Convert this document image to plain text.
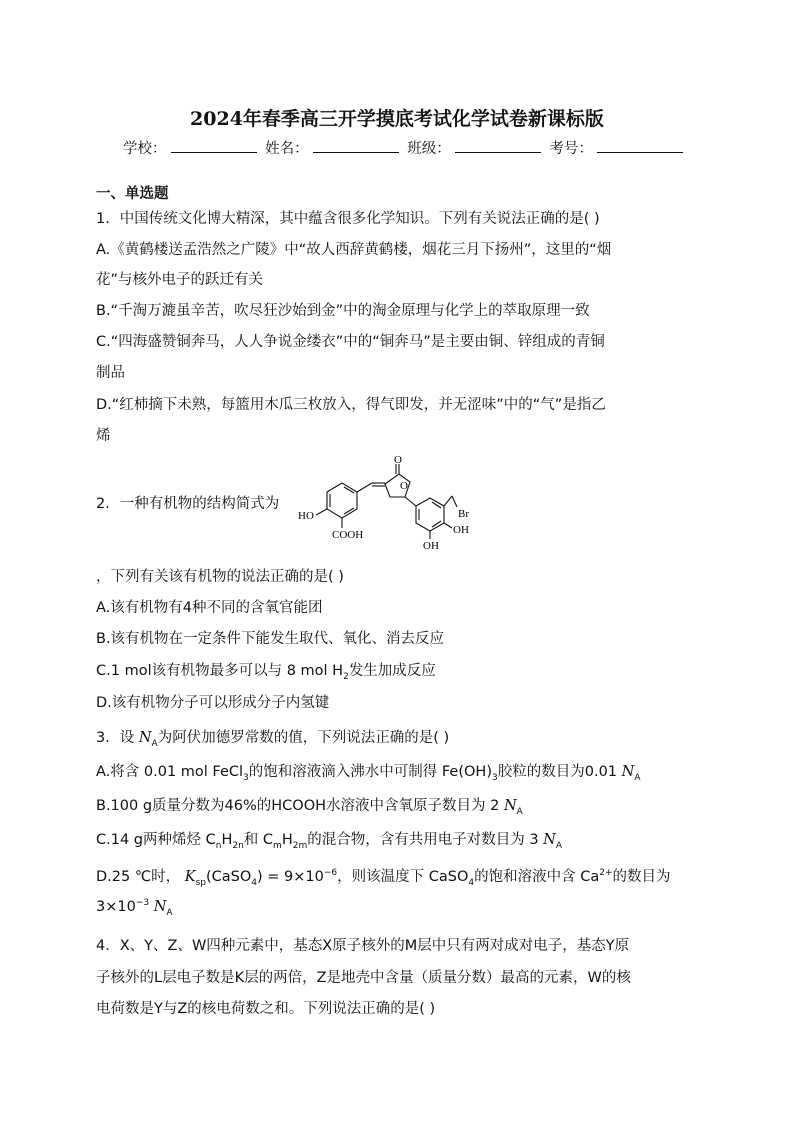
2024年春季高三开学摸底考试化学试卷新课标版
学校：	姓名：	班级：	考号：
一、单选题
1．中国传统文化博大精深，其中蕴含很多化学知识。下列有关说法正确的是( )
A.《黄鹤楼送孟浩然之广陵》中“故人西辞黄鹤楼，烟花三月下扬州”，这里的“烟
花”与核外电子的跃迁有关
B.“千淘万漉虽辛苦，吹尽狂沙始到金”中的淘金原理与化学上的萃取原理一致
C.“四海盛赞铜奔马，人人争说金缕衣”中的“铜奔马”是主要由铜、锌组成的青铜
制品
D.“红柿摘下未熟，每篮用木瓜三枚放入，得气即发，并无涩味”中的“气”是指乙
烯
2．一种有机物的结构简式为
O
O
HO
COOH
Br
OH
OH
，下列有关该有机物的说法正确的是( )
A.该有机物有4种不同的含氧官能团
B.该有机物在一定条件下能发生取代、氧化、消去反应
C.1 mol该有机物最多可以与 8 mol $H_2$发生加成反应
D.该有机物分子可以形成分子内氢键
3．设 $N_A$为阿伏加德罗常数的值，下列说法正确的是( )
A.将含 0.01 mol FeCl$_3$的饱和溶液滴入沸水中可制得 $Fe(OH)_3$胶粒的数目为0.01 $N_A$
B.100 g质量分数为46%的HCOOH水溶液中含氧原子数目为 2 $N_A$
C.14 g两种烯烃 $C_nH_{2n}$和 $C_mH_{2m}$的混合物，含有共用电子对数目为 3 $N_A$
D.25 ℃时， $K_{sp}(CaSO_4) = 9\times 10^{-6}$，则该温度下 CaSO$_4$的饱和溶液中含 $Ca^{2+}$的数目为
$3\times 10^{-3}$ $N_A$
4．X、Y、Z、W四种元素中，基态X原子核外的M层中只有两对成对电子，基态Y原
子核外的L层电子数是K层的两倍，Z是地壳中含量（质量分数）最高的元素，W的核
电荷数是Y与Z的核电荷数之和。下列说法正确的是( )
